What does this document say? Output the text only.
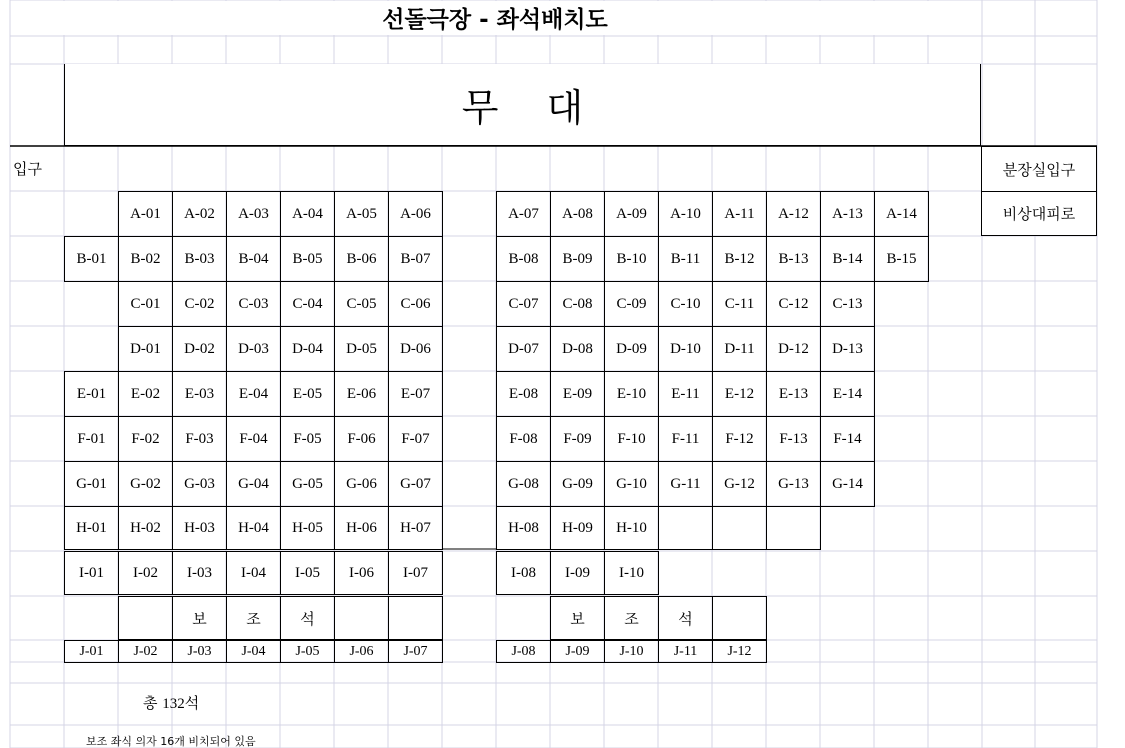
선돌극장 - 좌석배치도
무대
입구	분장실입구
비상대피로
A-01	A-02	A-03	A-04	A-05	A-06	A-07	A-08	A-09	A-10	A-11	A-12	A-13	A-14
B-01	B-02	B-03	B-04	B-05	B-06	B-07	B-08	B-09	B-10	B-11	B-12	B-13	B-14	B-15
C-01	C-02	C-03	C-04	C-05	C-06	C-07	C-08	C-09	C-10	C-11	C-12	C-13
D-01	D-02	D-03	D-04	D-05	D-06	D-07	D-08	D-09	D-10	D-11	D-12	D-13
E-01	E-02	E-03	E-04	E-05	E-06	E-07	E-08	E-09	E-10	E-11	E-12	E-13	E-14
F-01	F-02	F-03	F-04	F-05	F-06	F-07	F-08	F-09	F-10	F-11	F-12	F-13	F-14
G-01	G-02	G-03	G-04	G-05	G-06	G-07	G-08	G-09	G-10	G-11	G-12	G-13	G-14
H-01	H-02	H-03	H-04	H-05	H-06	H-07	H-08	H-09	H-10
I-01	I-02	I-03	I-04	I-05	I-06	I-07	I-08	I-09	I-10
보	조	석	보	조	석
J-01	J-02	J-03	J-04	J-05	J-06	J-07	J-08	J-09	J-10	J-11	J-12
총 132석
보조 좌식 의자 16개 비치되어 있음
